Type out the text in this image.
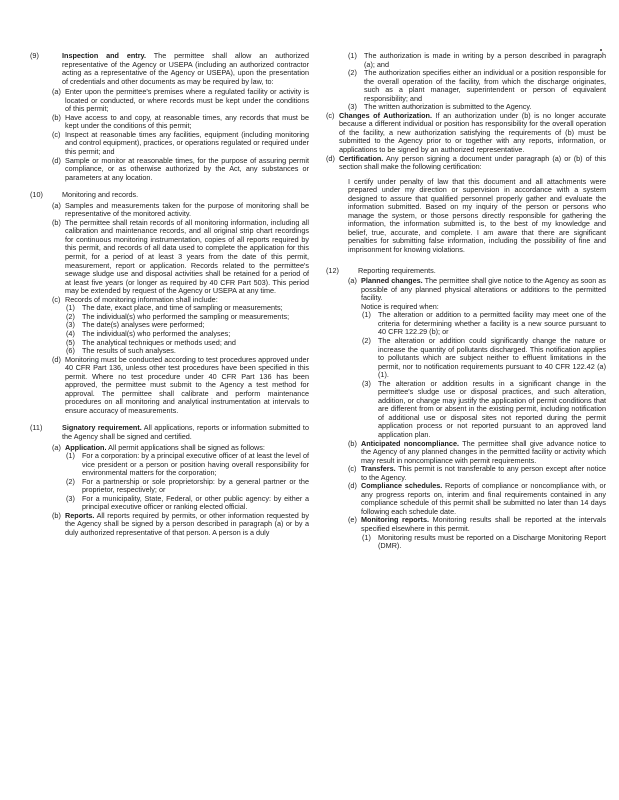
(9)	Inspection and entry. The permittee shall allow an authorized representative of the Agency or USEPA (including an authorized contractor acting as a representative of the Agency or USEPA), upon the presentation of credentials and other documents as may be required by law, to:
(a) Enter upon the permittee's premises where a regulated facility or activity is located or conducted, or where records must be kept under the conditions of this permit;
(b) Have access to and copy, at reasonable times, any records that must be kept under the conditions of this permit;
(c) Inspect at reasonable times any facilities, equipment (including monitoring and control equipment), practices, or operations regulated or required under this permit; and
(d) Sample or monitor at reasonable times, for the purpose of assuring permit compliance, or as otherwise authorized by the Act, any substances or parameters at any location.
(10)	Monitoring and records.
(a) Samples and measurements taken for the purpose of monitoring shall be representative of the monitored activity.
(b) The permittee shall retain records of all monitoring information, including all calibration and maintenance records, and all original strip chart recordings for continuous monitoring instrumentation, copies of all reports required by this permit, and records of all data used to complete the application for this permit, for a period of at least 3 years from the date of this permit, measurement, report or application. Records related to the permittee's sewage sludge use and disposal activities shall be retained for a period of at least five years (or longer as required by 40 CFR Part 503). This period may be extended by request of the Agency or USEPA at any time.
(c) Records of monitoring information shall include:
(1) The date, exact place, and time of sampling or measurements;
(2) The individual(s) who performed the sampling or measurements;
(3) The date(s) analyses were performed;
(4) The individual(s) who performed the analyses;
(5) The analytical techniques or methods used; and
(6) The results of such analyses.
(d) Monitoring must be conducted according to test procedures approved under 40 CFR Part 136, unless other test procedures have been specified in this permit. Where no test procedure under 40 CFR Part 136 has been approved, the permittee must submit to the Agency a test method for approval. The permittee shall calibrate and perform maintenance procedures on all monitoring and analytical instrumentation at intervals to ensure accuracy of measurements.
(11)	Signatory requirement. All applications, reports or information submitted to the Agency shall be signed and certified.
(a) Application. All permit applications shall be signed as follows:
(1) For a corporation: by a principal executive officer of at least the level of vice president or a person or position having overall responsibility for environmental matters for the corporation;
(2) For a partnership or sole proprietorship: by a general partner or the proprietor, respectively; or
(3) For a municipality, State, Federal, or other public agency: by either a principal executive officer or ranking elected official.
(b) Reports. All reports required by permits, or other information requested by the Agency shall be signed by a person described in paragraph (a) or by a duly authorized representative of that person. A person is a duly
(1) The authorization is made in writing by a person described in paragraph (a); and
(2) The authorization specifies either an individual or a position responsible for the overall operation of the facility, from which the discharge originates, such as a plant manager, superintendent or person of equivalent responsibility; and
(3) The written authorization is submitted to the Agency.
(c) Changes of Authorization. If an authorization under (b) is no longer accurate because a different individual or position has responsibility for the overall operation of the facility, a new authorization satisfying the requirements of (b) must be submitted to the Agency prior to or together with any reports, information, or applications to be signed by an authorized representative.
(d) Certification. Any person signing a document under paragraph (a) or (b) of this section shall make the following certification:
I certify under penalty of law that this document and all attachments were prepared under my direction or supervision in accordance with a system designed to assure that qualified personnel properly gather and evaluate the information submitted. Based on my inquiry of the person or persons who manage the system, or those persons directly responsible for gathering the information, the information submitted is, to the best of my knowledge and belief, true, accurate, and complete. I am aware that there are significant penalties for submitting false information, including the possibility of fine and imprisonment for knowing violations.
(12)	Reporting requirements.
(a) Planned changes. The permittee shall give notice to the Agency as soon as possible of any planned physical alterations or additions to the permitted facility.
Notice is required when:
(1) The alteration or addition to a permitted facility may meet one of the criteria for determining whether a facility is a new source pursuant to 40 CFR 122.29 (b); or
(2) The alteration or addition could significantly change the nature or increase the quantity of pollutants discharged. This notification applies to pollutants which are subject neither to effluent limitations in the permit, nor to notification requirements pursuant to 40 CFR 122.42 (a)(1).
(3) The alteration or addition results in a significant change in the permittee's sludge use or disposal practices, and such alteration, addition, or change may justify the application of permit conditions that are different from or absent in the existing permit, including notification of additional use or disposal sites not reported during the permit application process or not reported pursuant to an approved land application plan.
(b) Anticipated noncompliance. The permittee shall give advance notice to the Agency of any planned changes in the permitted facility or activity which may result in noncompliance with permit requirements.
(c) Transfers. This permit is not transferable to any person except after notice to the Agency.
(d) Compliance schedules. Reports of compliance or noncompliance with, or any progress reports on, interim and final requirements contained in any compliance schedule of this permit shall be submitted no later than 14 days following each schedule date.
(e) Monitoring reports. Monitoring results shall be reported at the intervals specified elsewhere in this permit.
(1) Monitoring results must be reported on a Discharge Monitoring Report (DMR).
